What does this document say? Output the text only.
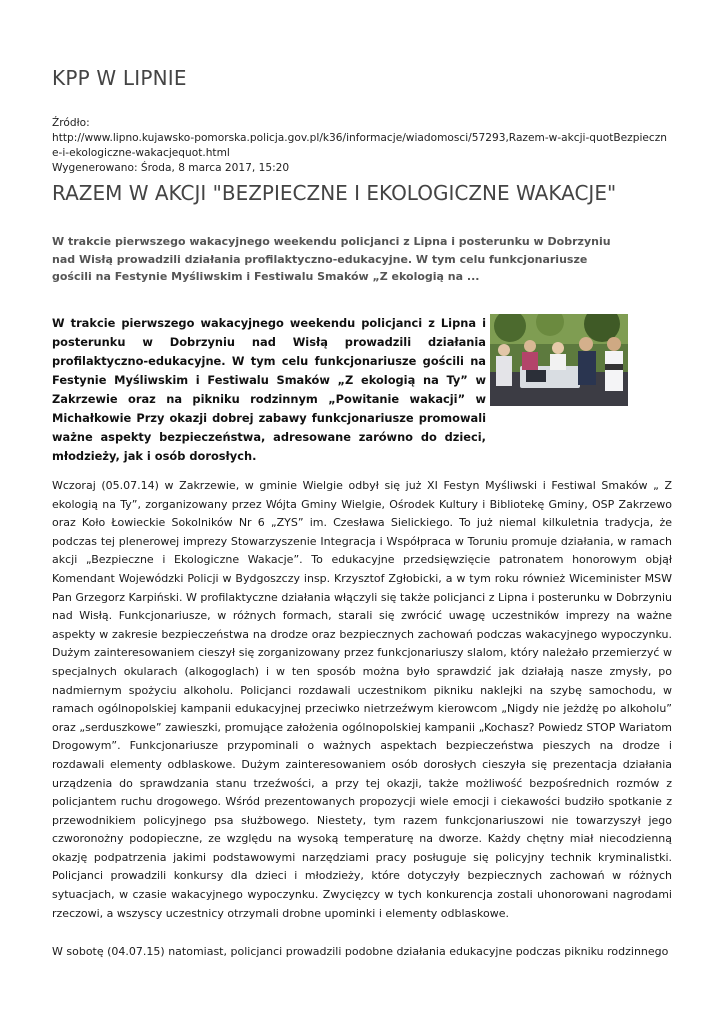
KPP W LIPNIE
Źródło:
http://www.lipno.kujawsko-pomorska.policja.gov.pl/k36/informacje/wiadomosci/57293,Razem-w-akcji-quotBezpieczne-i-ekologiczne-wakacjequot.html
Wygenerowano: Środa, 8 marca 2017, 15:20
RAZEM W AKCJI "BEZPIECZNE I EKOLOGICZNE WAKACJE"
W trakcie pierwszego wakacyjnego weekendu policjanci z Lipna i posterunku w Dobrzyniu nad Wisłą prowadzili działania profilaktyczno-edukacyjne. W tym celu funkcjonariusze gościli na Festynie Myśliwskim i Festiwalu Smaków „Z ekologią na ...
W trakcie pierwszego wakacyjnego weekendu policjanci z Lipna i posterunku w Dobrzyniu nad Wisłą prowadzili działania profilaktyczno-edukacyjne. W tym celu funkcjonariusze gościli na Festynie Myśliwskim i Festiwalu Smaków „Z ekologią na Ty” w Zakrzewie oraz na pikniku rodzinnym „Powitanie wakacji” w Michałkowie Przy okazji dobrej zabawy funkcjonariusze promowali ważne aspekty bezpieczeństwa, adresowane zarówno do dzieci, młodzieży, jak i osób dorosłych.

Wczoraj (05.07.14) w Zakrzewie, w gminie Wielgie odbył się już XI Festyn Myśliwski i Festiwal Smaków „ Z ekologią na Ty”, zorganizowany przez Wójta Gminy Wielgie, Ośrodek Kultury i Bibliotekę Gminy, OSP Zakrzewo oraz Koło Łowieckie Sokolników Nr 6 „ZYS” im. Czesława Sielickiego. To już niemal kilkuletnia tradycja, że podczas tej plenerowej imprezy Stowarzyszenie Integracja i Współpraca w Toruniu promuje działania, w ramach akcji „Bezpieczne i Ekologiczne Wakacje”. To edukacyjne przedsięwzięcie patronatem honorowym objął Komendant Wojewódzki Policji w Bydgoszczy insp. Krzysztof Zgłobicki, a w tym roku również Wiceminister MSW Pan Grzegorz Karpiński. W profilaktyczne działania włączyli się także policjanci z Lipna i posterunku w Dobrzyniu nad Wisłą. Funkcjonariusze, w różnych formach, starali się zwrócić uwagę uczestników imprezy na ważne aspekty w zakresie bezpieczeństwa na drodze oraz bezpiecznych zachowań podczas wakacyjnego wypoczynku. Dużym zainteresowaniem cieszył się zorganizowany przez funkcjonariuszy slalom, który należało przemierzyć w specjalnych okularach (alkogoglach) i w ten sposób można było sprawdzić jak działają nasze zmysły, po nadmiernym spożyciu alkoholu. Policjanci rozdawali uczestnikom pikniku naklejki na szybę samochodu, w ramach ogólnopolskiej kampanii edukacyjnej przeciwko nietrzeźwym kierowcom „Nigdy nie jeżdżę po alkoholu” oraz „serduszkowe” zawieszki, promujące założenia ogólnopolskiej kampanii „Kochasz? Powiedz STOP Wariatom Drogowym”. Funkcjonariusze przypominali o ważnych aspektach bezpieczeństwa pieszych na drodze i rozdawali elementy odblaskowe. Dużym zainteresowaniem osób dorosłych cieszyła się prezentacja działania urządzenia do sprawdzania stanu trzeźwości, a przy tej okazji, także możliwość bezpośrednich rozmów z policjantem ruchu drogowego. Wśród prezentowanych propozycji wiele emocji i ciekawości budziło spotkanie z przewodnikiem policyjnego psa służbowego. Niestety, tym razem funkcjonariuszowi nie towarzyszył jego czworonożny podopieczne, ze względu na wysoką temperaturę na dworze. Każdy chętny miał niecodzienną okazję podpatrzenia jakimi podstawowymi narzędziami pracy posługuje się policyjny technik kryminalistki. Policjanci prowadzili konkursy dla dzieci i młodzieży, które dotyczyły bezpiecznych zachowań w różnych sytuacjach, w czasie wakacyjnego wypoczynku. Zwycięzcy w tych konkurencja zostali uhonorowani nagrodami rzeczowi, a wszyscy uczestnicy otrzymali drobne upominki i elementy odblaskowe.

W sobotę (04.07.15) natomiast, policjanci prowadzili podobne działania edukacyjne podczas pikniku rodzinnego
